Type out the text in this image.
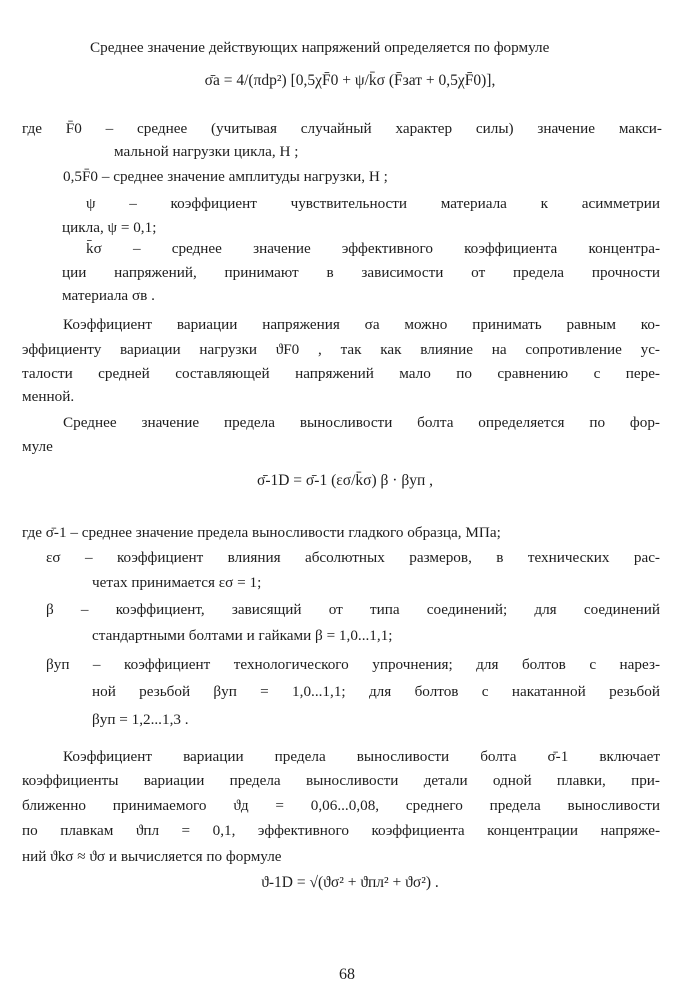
Среднее значение действующих напряжений определяется по формуле
σ̄a = 4/(πdp²) [0,5χF̄0 + ψ/k̄σ (F̄зат + 0,5χF̄0)],
где F̄0 – среднее (учитывая случайный характер силы) значение макси-
мальной нагрузки цикла, Н ;
0,5F̄0 – среднее значение амплитуды нагрузки, Н ;
ψ – коэффициент чувствительности материала к асимметрии
цикла, ψ = 0,1;
k̄σ – среднее значение эффективного коэффициента концентра-
ции напряжений, принимают в зависимости от предела прочности
материала σв .
Коэффициент вариации напряжения σa можно принимать равным ко-
эффициенту вариации нагрузки ϑF0 , так как влияние на сопротивление ус-
талости средней составляющей напряжений мало по сравнению с пере-
менной.
Среднее значение предела выносливости болта определяется по фор-
муле
σ̄-1D = σ̄-1 (εσ/k̄σ) β · βуп ,
где σ̄-1 – среднее значение предела выносливости гладкого образца, МПа;
εσ – коэффициент влияния абсолютных размеров, в технических рас-
четах принимается εσ = 1;
β – коэффициент, зависящий от типа соединений; для соединений
стандартными болтами и гайками β = 1,0...1,1;
βуп – коэффициент технологического упрочнения; для болтов с нарез-
ной резьбой βуп = 1,0...1,1; для болтов с накатанной резьбой
βуп = 1,2...1,3 .
Коэффициент вариации предела выносливости болта σ̄-1 включает
коэффициенты вариации предела выносливости детали одной плавки, при-
ближенно принимаемого ϑд = 0,06...0,08, среднего предела выносливости
по плавкам ϑпл = 0,1, эффективного коэффициента концентрации напряже-
ний ϑkσ ≈ ϑσ и вычисляется по формуле
ϑ-1D = √(ϑσ² + ϑпл² + ϑσ²) .
68
